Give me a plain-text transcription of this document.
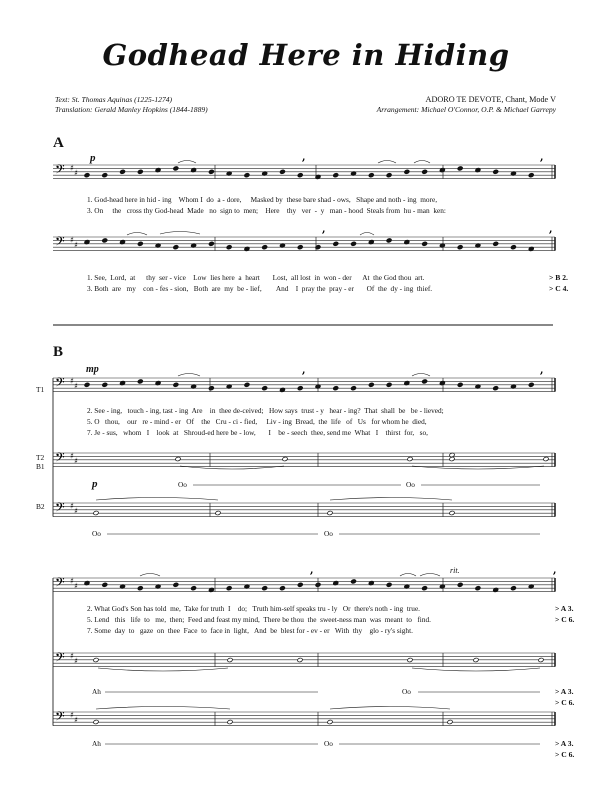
Godhead Here in Hiding
Text: St. Thomas Aquinas (1225-1274)
Translation: Gerald Manley Hopkins (1844-1889)
ADORO TE DEVOTE, Chant, Mode V
Arrangement: Michael O'Connor, O.P. & Michael Garrepy
A
p
1. God-head here in hid - ing    Whom I  do  a - dore,     Masked by  these bare shad - ows,   Shape and noth - ing  more,
3. On     the   cross thy God-head  Made   no  sign to  men;    Here    thy   ver  -  y   man - hood  Steals from  hu - man  ken:
1. See,  Lord,  at      thy  ser - vice    Low  lies here  a  heart       Lost,  all lost  in  won - der      At  the God thou  art.
3. Both  are   my    con - fes - sion,   Both  are  my  be - lief,        And    I  pray the  pray - er       Of  the  dy - ing  thief.
> B 2.
> C 4.
B
T1
T2
B1
B2
mp
p
2. See - ing,   touch - ing, tast - ing  Are    in  thee de-ceived;   How says  trust - y   hear - ing?  That  shall  be   be - lieved;
5. O   thou,    our   re - mind - er   Of    the   Cru - ci - fied,     Liv - ing  Bread,  the  life   of   Us   for whom he  died,
7. Je - sus,   whom   I    look  at   Shroud-ed here be - low,       I    be - seech  thee, send me  What   I    thirst  for,   so,
Oo	Oo
Oo	Oo
rit.
2. What God's Son has told  me,  Take for truth  I    do;   Truth him-self speaks tru - ly   Or  there's noth - ing  true.
5. Lend   this   life  to   me,  then;  Feed and feast my mind,  There be thou  the  sweet-ness man  was  meant  to   find.
7. Some  day  to   gaze  on  thee  Face  to  face in  light,   And  be  blest for - ev - er   With  thy    glo - ry's sight.
> A 3.
> C 6.
Ah	Oo	> A 3.
> C 6.
Ah	Oo	> A 3.
> C 6.
𝄢 ♯
♯
,	,
𝄢 ♯
♯
,	,
𝄢 ♯
♯
,	,
𝄢 ♯
♯
𝄢 ♯
♯
𝄢 ♯
♯
,	,
𝄢 ♯
♯
𝄢 ♯
♯
